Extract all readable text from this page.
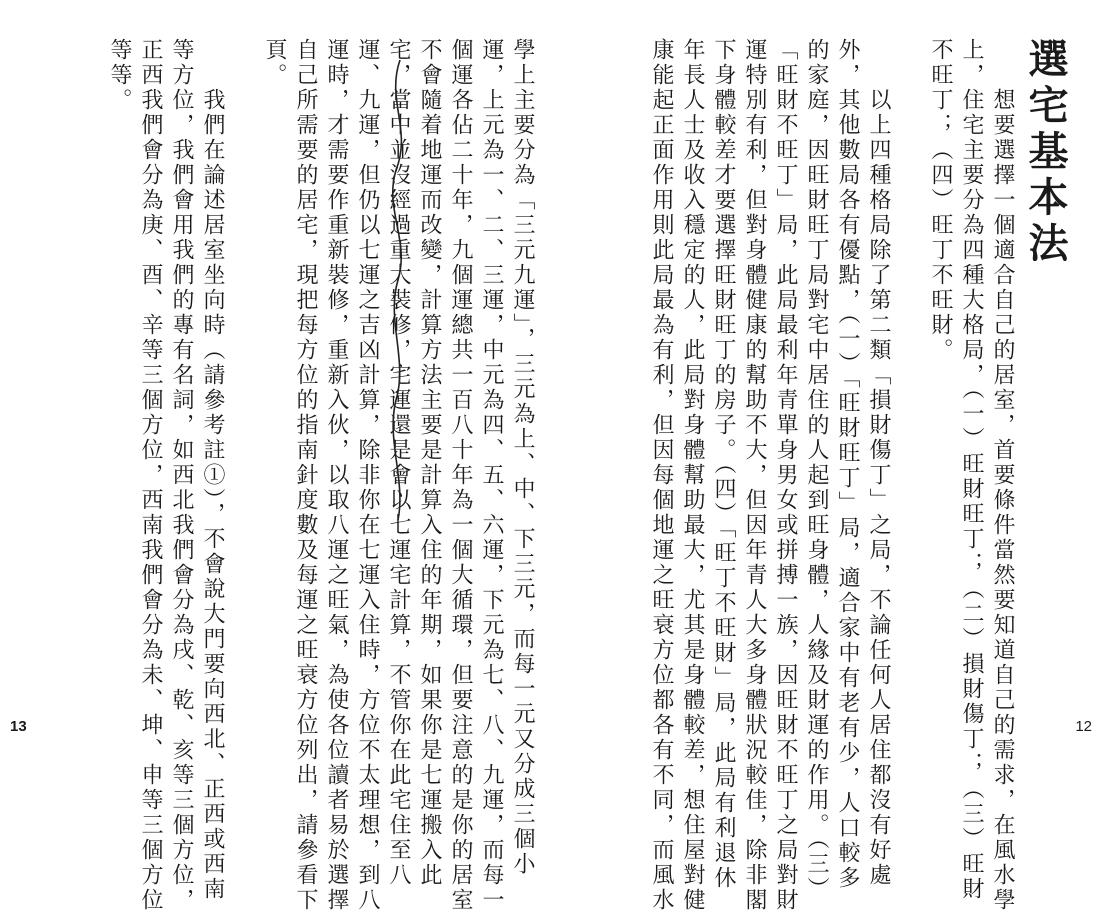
學上主要分為「三元九運」，三元為上、中、下三元，而每一元又分成三個小
運，上元為一、二、三運，中元為四、五、六運，下元為七、八、九運，而每一
個運各佔二十年，九個運總共一百八十年為一個大循環，但要注意的是你的居室
不會隨着地運而改變，計算方法主要是計算入住的年期，如果你是七運搬入此
宅，當中並沒經過重大裝修，宅運還是會以七運宅計算，不管你在此宅住至八
運、九運，但仍以七運之吉凶計算，除非你在七運入住時，方位不太理想，到八
運時，才需要作重新裝修，重新入伙，以取八運之旺氣，為使各位讀者易於選擇
自己所需要的居宅，現把每方位的指南針度數及每運之旺衰方位列出，請參看下
頁。

　　我們在論述居室坐向時（請參考註①），不會說大門要向西北、正西或西南
等方位，我們會用我們的專有名詞，如西北我們會分為戌、乾、亥等三個方位，
正西我們會分為庚、酉、辛等三個方位，西南我們會分為未、坤、申等三個方位
等等。
13
選宅基本法
　　想要選擇一個適合自己的居室，首要條件當然要知道自己的需求，在風水學
上，住宅主要分為四種大格局，（一）旺財旺丁；（二）損財傷丁；（三）旺財
不旺丁；（四）旺丁不旺財。

　　以上四種格局除了第二類「損財傷丁」之局，不論任何人居住都沒有好處
外，其他數局各有優點，（一）「旺財旺丁」局，適合家中有老有少，人口較多
的家庭，因旺財旺丁局對宅中居住的人起到旺身體，人緣及財運的作用。（三）
「旺財不旺丁」局，此局最利年青單身男女或拼搏一族，因旺財不旺丁之局對財
運特別有利，但對身體健康的幫助不大，但因年青人大多身體狀況較佳，除非閣
下身體較差才要選擇旺財旺丁的房子。（四）「旺丁不旺財」局，此局有利退休
年長人士及收入穩定的人，此局對身體幫助最大，尤其是身體較差，想住屋對健
康能起正面作用則此局最為有利，但因每個地運之旺衰方位都各有不同，而風水	12
